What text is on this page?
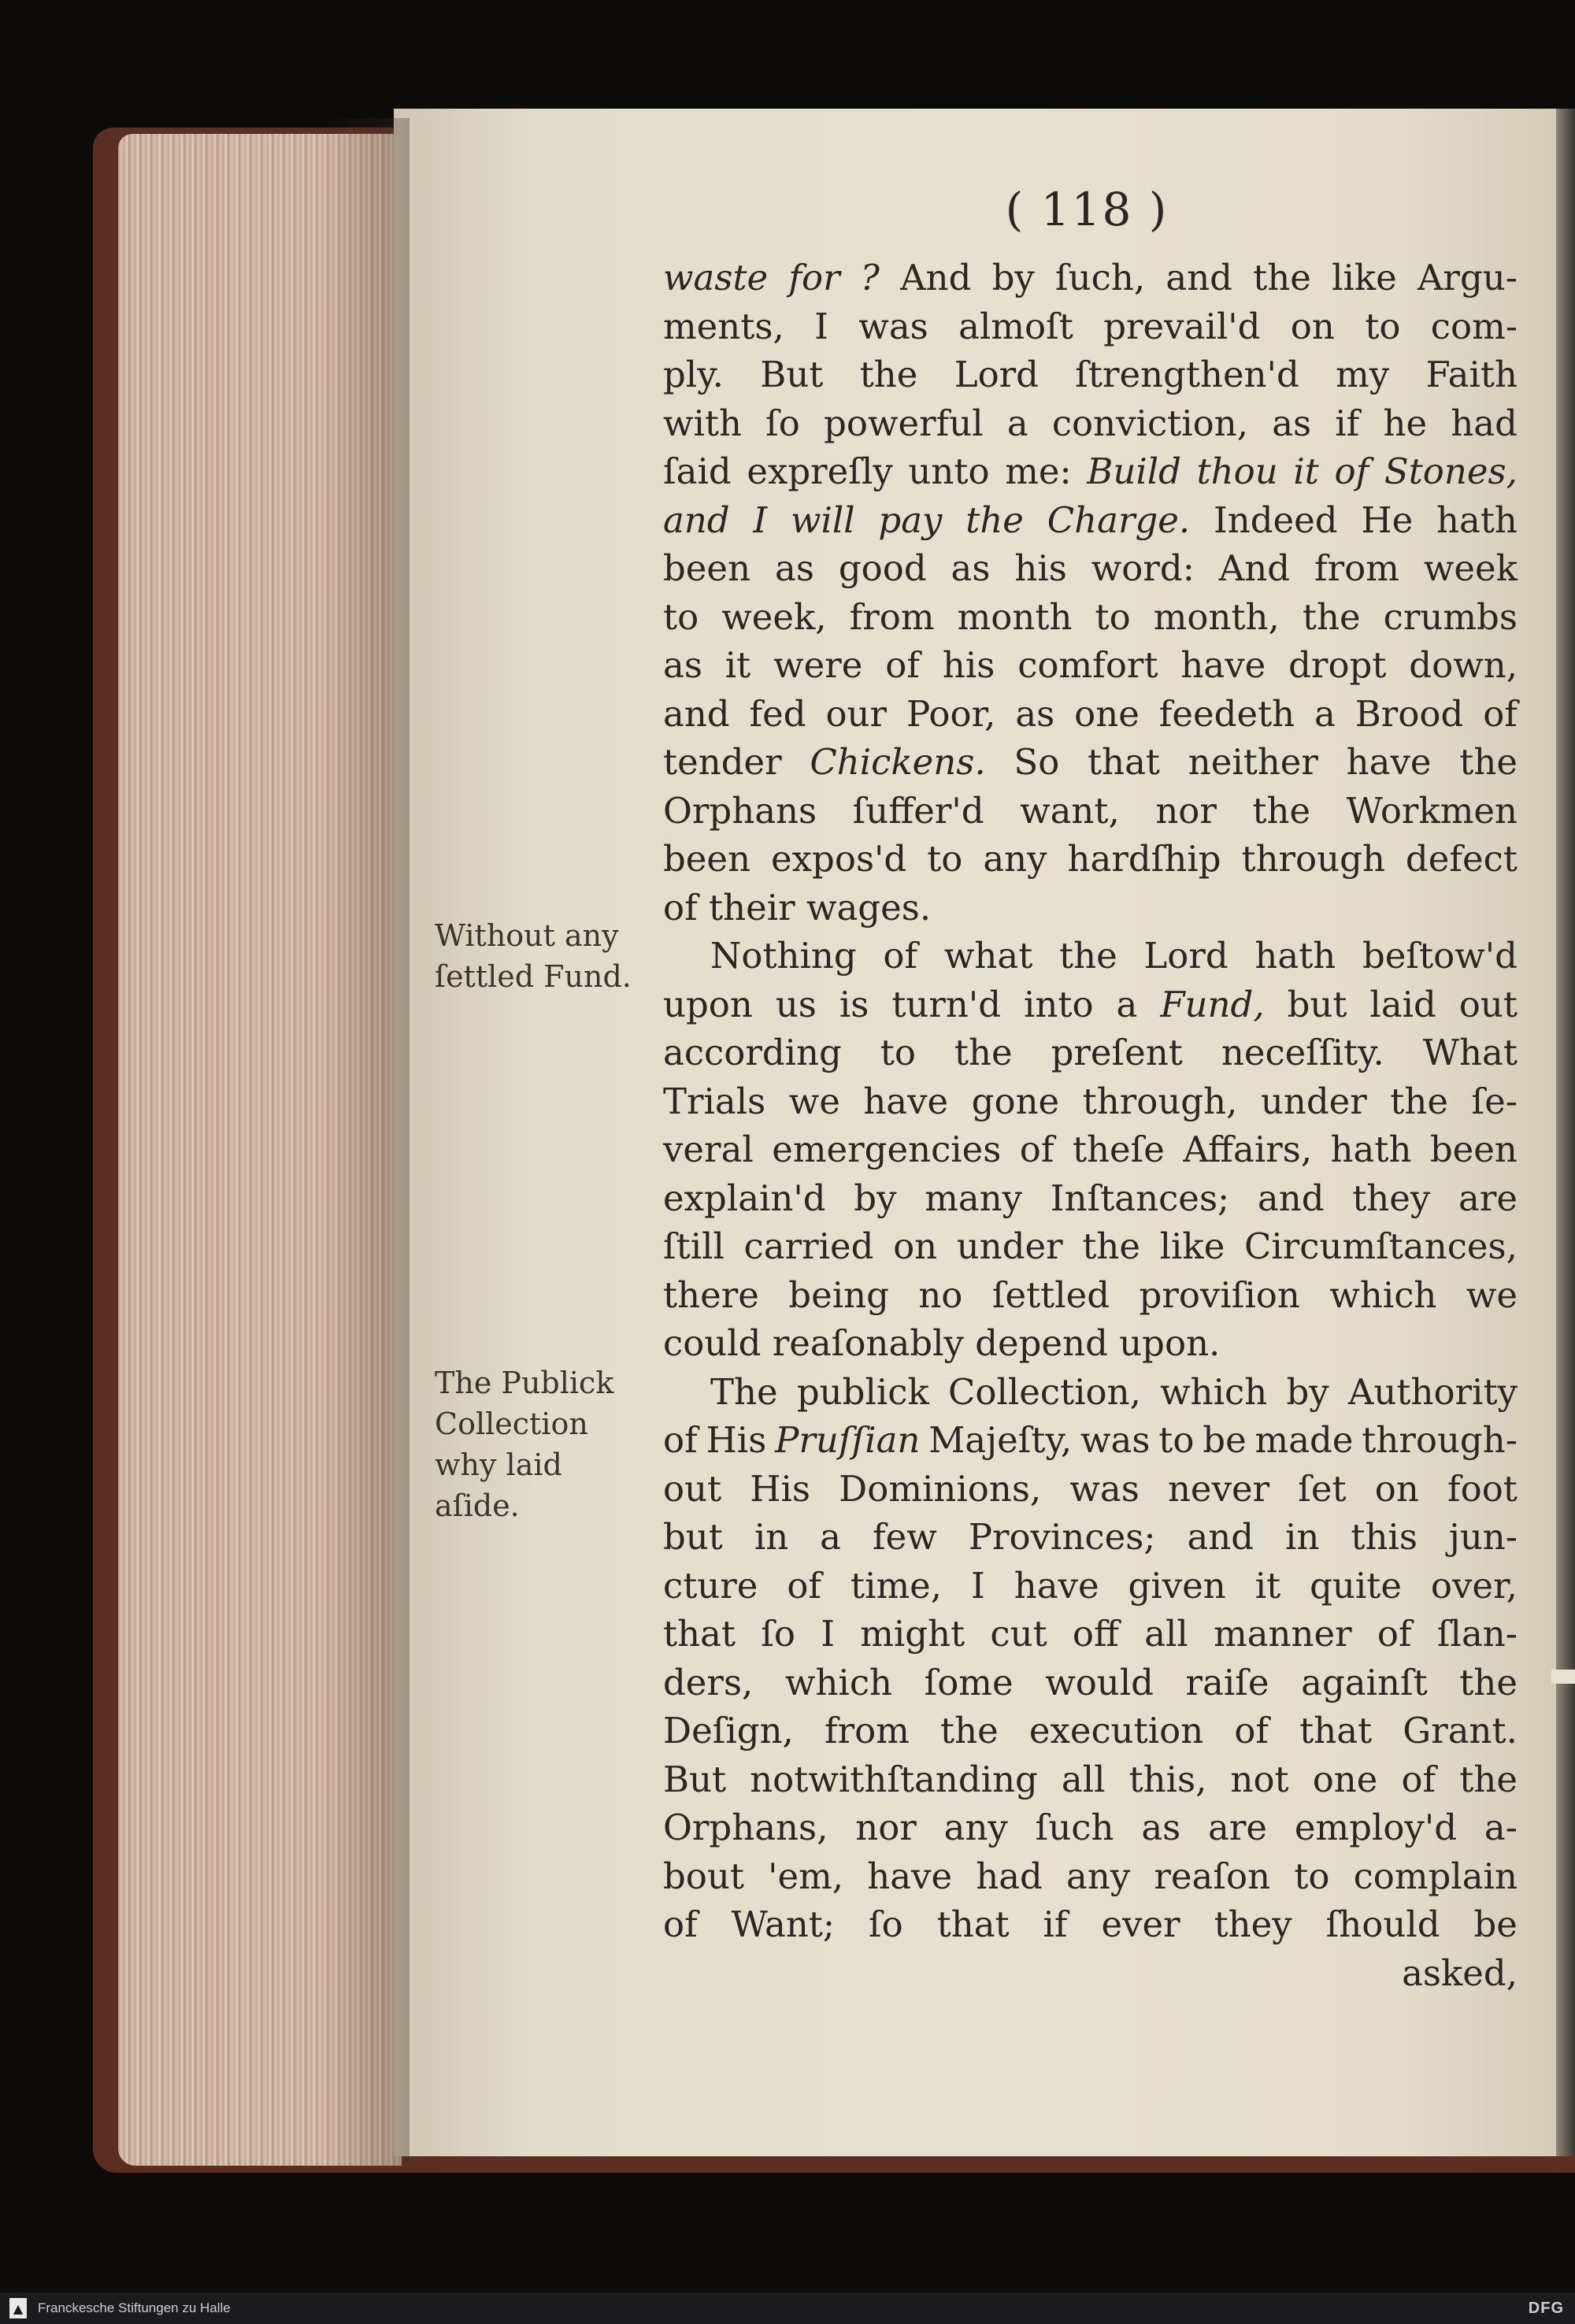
( 118 )
waste for ? And by ſuch, and the like Argu-
ments, I was almoſt prevail'd on to com-
ply. But the Lord ſtrengthen'd my Faith
with ſo powerful a conviction, as if he had
ſaid expreſly unto me: Build thou it of Stones,
and I will pay the Charge. Indeed He hath
been as good as his word: And from week
to week, from month to month, the crumbs
as it were of his comfort have dropt down,
and fed our Poor, as one feedeth a Brood of
tender Chickens. So that neither have the
Orphans ſuffer'd want, nor the Workmen
been expos'd to any hardſhip through defect
of their wages.
Nothing of what the Lord hath beſtow'd
upon us is turn'd into a Fund, but laid out
according to the preſent neceſſity. What
Trials we have gone through, under the ſe-
veral emergencies of theſe Affairs, hath been
explain'd by many Inſtances; and they are
ſtill carried on under the like Circumſtances,
there being no ſettled proviſion which we
could reaſonably depend upon.
The publick Collection, which by Authority
of His Pruſſian Majeſty, was to be made through-
out His Dominions, was never ſet on foot
but in a few Provinces; and in this jun-
cture of time, I have given it quite over,
that ſo I might cut off all manner of ſlan-
ders, which ſome would raiſe againſt the
Deſign, from the execution of that Grant.
But notwithſtanding all this, not one of the
Orphans, nor any ſuch as are employ'd a-
bout 'em, have had any reaſon to complain
of Want; ſo that if ever they ſhould be
asked,
Without any
ſettled Fund.
The Publick
Collection
why laid aſide.
▲ Franckesche Stiftungen zu Halle	DFG
